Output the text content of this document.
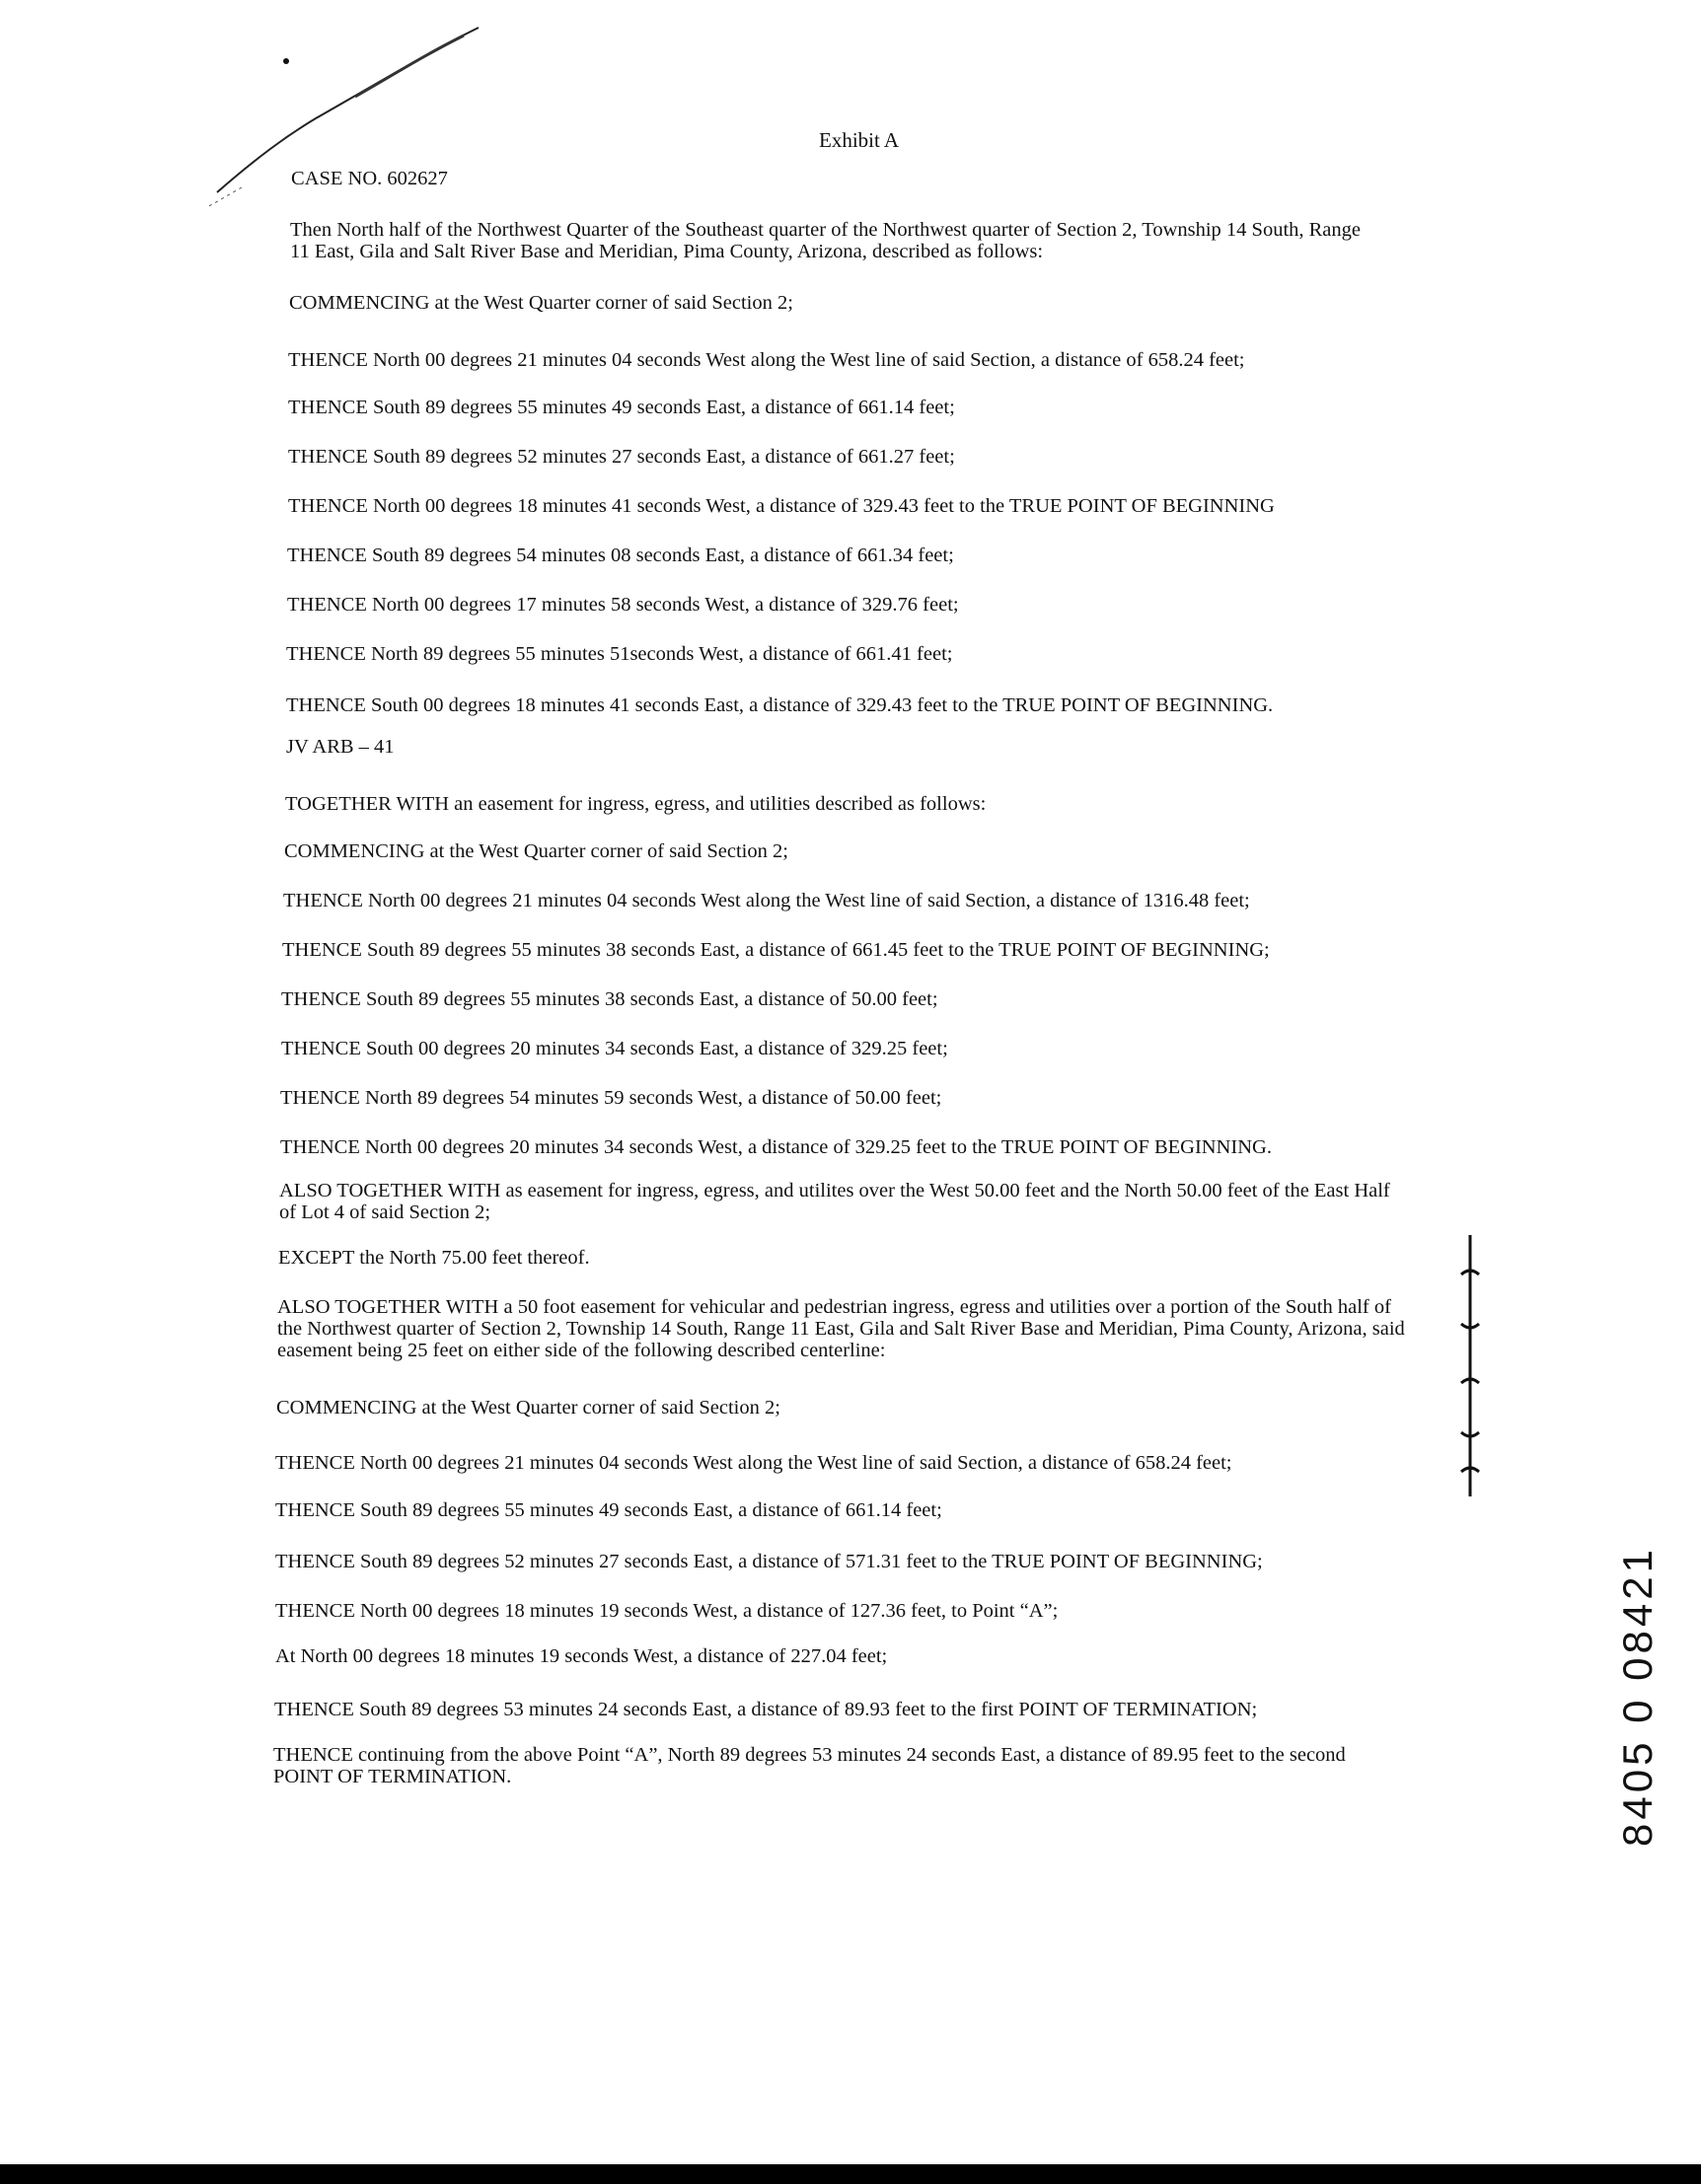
Exhibit A
CASE NO. 602627
Then North half of the Northwest Quarter of the Southeast quarter of the Northwest quarter of Section 2, Township 14 South, Range 11 East, Gila and Salt River Base and Meridian, Pima County, Arizona, described as follows:
COMMENCING at the West Quarter corner of said Section 2;
THENCE North 00 degrees 21 minutes 04 seconds West along the West line of said Section, a distance of 658.24 feet;
THENCE South 89 degrees 55 minutes 49 seconds East, a distance of 661.14 feet;
THENCE South 89 degrees 52 minutes 27 seconds East, a distance of 661.27 feet;
THENCE North 00 degrees 18 minutes 41 seconds West, a distance of 329.43 feet to the TRUE POINT OF BEGINNING
THENCE South 89 degrees 54 minutes 08 seconds East, a distance of 661.34 feet;
THENCE North 00 degrees 17 minutes 58 seconds West, a distance of 329.76 feet;
THENCE North 89 degrees 55 minutes 51seconds West, a distance of 661.41 feet;
THENCE South 00 degrees 18 minutes 41 seconds East, a distance of 329.43 feet to the TRUE POINT OF BEGINNING.
JV ARB – 41
TOGETHER WITH an easement for ingress, egress, and utilities described as follows:
COMMENCING at the West Quarter corner of said Section 2;
THENCE North 00 degrees 21 minutes 04 seconds West along the West line of said Section, a distance of 1316.48 feet;
THENCE South 89 degrees 55 minutes 38 seconds East, a distance of 661.45 feet to the TRUE POINT OF BEGINNING;
THENCE South 89 degrees 55 minutes 38 seconds East, a distance of 50.00 feet;
THENCE South 00 degrees 20 minutes 34 seconds East, a distance of 329.25 feet;
THENCE North 89 degrees 54 minutes 59 seconds West, a distance of 50.00 feet;
THENCE North 00 degrees 20 minutes 34 seconds West, a distance of 329.25 feet to the TRUE POINT OF BEGINNING.
ALSO TOGETHER WITH as easement for ingress, egress, and utilites over the West 50.00 feet and the North 50.00 feet of the East Half of Lot 4 of said Section 2;
EXCEPT the North 75.00 feet thereof.
ALSO TOGETHER WITH a 50 foot easement for vehicular and pedestrian ingress, egress and utilities over a portion of the South half of the Northwest quarter of Section 2, Township 14 South, Range 11 East, Gila and Salt River Base and Meridian, Pima County, Arizona, said easement being 25 feet on either side of the following described centerline:
COMMENCING at the West Quarter corner of said Section 2;
THENCE North 00 degrees 21 minutes 04 seconds West along the West line of said Section, a distance of 658.24 feet;
THENCE South 89 degrees 55 minutes 49 seconds East, a distance of 661.14 feet;
THENCE South 89 degrees 52 minutes 27 seconds East, a distance of 571.31 feet to the TRUE POINT OF BEGINNING;
THENCE North 00 degrees 18 minutes 19 seconds West, a distance of 127.36 feet, to Point “A”;
At North 00 degrees 18 minutes 19 seconds West, a distance of 227.04 feet;
THENCE South 89 degrees 53 minutes 24 seconds East, a distance of 89.93 feet to the first POINT OF TERMINATION;
THENCE continuing from the above Point “A”, North 89 degrees 53 minutes 24 seconds East, a distance of 89.95 feet to the second POINT OF TERMINATION.	8405 0 08421
